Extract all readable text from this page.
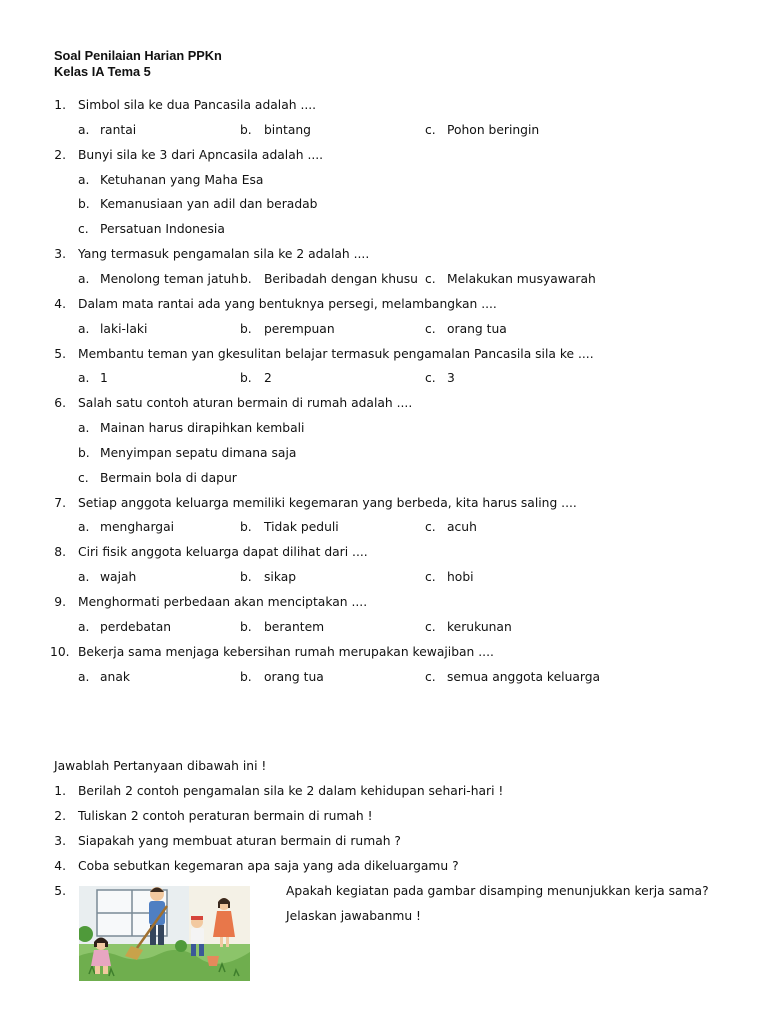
Soal Penilaian Harian PPKn
Kelas IA Tema 5
1. Simbol sila ke dua Pancasila adalah ....
a. rantai	b. bintang	c. Pohon beringin
2. Bunyi sila ke 3 dari Apncasila adalah ....
a. Ketuhanan yang Maha Esa
b. Kemanusiaan yan adil dan beradab
c. Persatuan Indonesia
3. Yang termasuk pengamalan sila ke 2 adalah ....
a. Menolong teman jatuh b. Beribadah dengan khusu c. Melakukan musyawarah
4. Dalam mata rantai ada yang bentuknya persegi, melambangkan ....
a. laki-laki	b. perempuan	c. orang tua
5. Membantu teman yan gkesulitan belajar termasuk pengamalan Pancasila sila ke ....
a. 1	b. 2	c. 3
6. Salah satu contoh aturan bermain di rumah adalah ....
a. Mainan harus dirapihkan kembali
b. Menyimpan sepatu dimana saja
c. Bermain bola di dapur
7. Setiap anggota keluarga memiliki kegemaran yang berbeda, kita harus saling ....
a. menghargai	b. Tidak peduli	c. acuh
8. Ciri fisik anggota keluarga dapat dilihat dari ....
a. wajah	b. sikap	c. hobi
9. Menghormati perbedaan akan menciptakan ....
a. perdebatan	b. berantem	c. kerukunan
10. Bekerja sama menjaga kebersihan rumah merupakan kewajiban ....
a. anak	b. orang tua	c. semua anggota keluarga
Jawablah Pertanyaan dibawah ini !
1. Berilah 2 contoh pengamalan sila ke 2 dalam kehidupan sehari-hari !
2. Tuliskan 2 contoh peraturan bermain di rumah !
3. Siapakah yang membuat aturan bermain di rumah ?
4. Coba sebutkan kegemaran apa saja yang ada dikeluargamu ?
5.	Apakah kegiatan pada gambar disamping menunjukkan kerja sama?
Jelaskan jawabanmu !
